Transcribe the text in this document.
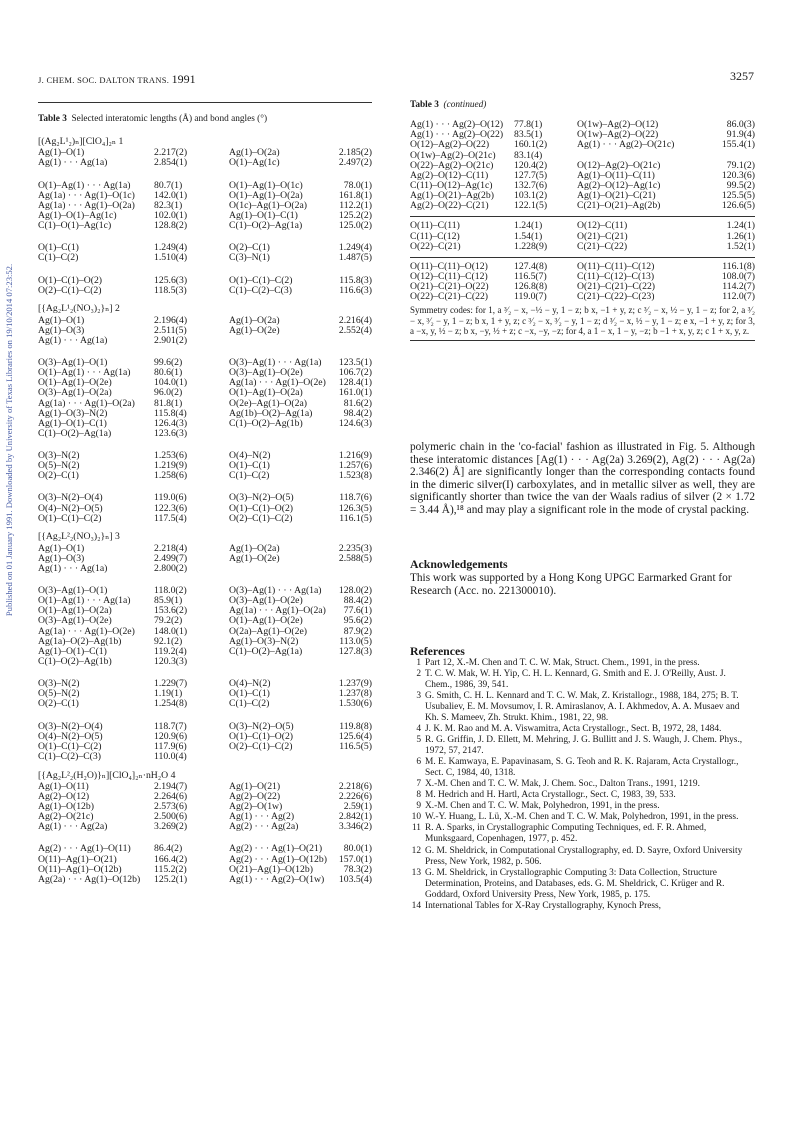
J. CHEM. SOC. DALTON TRANS. 1991	3257
Published on 01 January 1991. Downloaded by University of Texas Libraries on 19/10/2014 07:23:52.
Table 3 Selected interatomic lengths (Å) and bond angles (°)
[(Ag₂L¹₂)ₙ][ClO₄]₂ₙ 1
Ag(1)–O(1)	2.217(2)	Ag(1)–O(2a)	2.185(2)
Ag(1) · · · Ag(1a)	2.854(1)	O(1)–Ag(1c)	2.497(2)
O(1)–Ag(1) · · · Ag(1a)	80.7(1)	O(1)–Ag(1)–O(1c)	78.0(1)
Ag(1a) · · · Ag(1)–O(1c)	142.0(1)	O(1)–Ag(1)–O(2a)	161.8(1)
Ag(1a) · · · Ag(1)–O(2a)	82.3(1)	O(1c)–Ag(1)–O(2a)	112.2(1)
Ag(1)–O(1)–Ag(1c)	102.0(1)	Ag(1)–O(1)–C(1)	125.2(2)
C(1)–O(1)–Ag(1c)	128.8(2)	C(1)–O(2)–Ag(1a)	125.0(2)
O(1)–C(1)	1.249(4)	O(2)–C(1)	1.249(4)
C(1)–C(2)	1.510(4)	C(3)–N(1)	1.487(5)
O(1)–C(1)–O(2)	125.6(3)	O(1)–C(1)–C(2)	115.8(3)
O(2)–C(1)–C(2)	118.5(3)	C(1)–C(2)–C(3)	116.6(3)
[{Ag₂L¹₂(NO₃)₂}ₙ] 2
Ag(1)–O(1)	2.196(4)	Ag(1)–O(2a)	2.216(4)
Ag(1)–O(3)	2.511(5)	Ag(1)–O(2e)	2.552(4)
Ag(1) · · · Ag(1a)	2.901(2)
O(3)–Ag(1)–O(1)	99.6(2)	O(3)–Ag(1) · · · Ag(1a)	123.5(1)
O(1)–Ag(1) · · · Ag(1a)	80.6(1)	O(3)–Ag(1)–O(2e)	106.7(2)
O(1)–Ag(1)–O(2e)	104.0(1)	Ag(1a) · · · Ag(1)–O(2e)	128.4(1)
O(3)–Ag(1)–O(2a)	96.0(2)	O(1)–Ag(1)–O(2a)	161.0(1)
Ag(1a) · · · Ag(1)–O(2a)	81.8(1)	O(2e)–Ag(1)–O(2a)	81.6(2)
Ag(1)–O(3)–N(2)	115.8(4)	Ag(1b)–O(2)–Ag(1a)	98.4(2)
Ag(1)–O(1)–C(1)	126.4(3)	C(1)–O(2)–Ag(1b)	124.6(3)
C(1)–O(2)–Ag(1a)	123.6(3)
O(3)–N(2)	1.253(6)	O(4)–N(2)	1.216(9)
O(5)–N(2)	1.219(9)	O(1)–C(1)	1.257(6)
O(2)–C(1)	1.258(6)	C(1)–C(2)	1.523(8)
O(3)–N(2)–O(4)	119.0(6)	O(3)–N(2)–O(5)	118.7(6)
O(4)–N(2)–O(5)	122.3(6)	O(1)–C(1)–O(2)	126.3(5)
O(1)–C(1)–C(2)	117.5(4)	O(2)–C(1)–C(2)	116.1(5)
[{Ag₂L²₂(NO₃)₂}ₙ] 3
Ag(1)–O(1)	2.218(4)	Ag(1)–O(2a)	2.235(3)
Ag(1)–O(3)	2.499(7)	Ag(1)–O(2e)	2.588(5)
Ag(1) · · · Ag(1a)	2.800(2)
O(3)–Ag(1)–O(1)	118.0(2)	O(3)–Ag(1) · · · Ag(1a)	128.0(2)
O(1)–Ag(1) · · · Ag(1a)	85.9(1)	O(3)–Ag(1)–O(2e)	88.4(2)
O(1)–Ag(1)–O(2a)	153.6(2)	Ag(1a) · · · Ag(1)–O(2a)	77.6(1)
O(3)–Ag(1)–O(2e)	79.2(2)	O(1)–Ag(1)–O(2e)	95.6(2)
Ag(1a) · · · Ag(1)–O(2e)	148.0(1)	O(2a)–Ag(1)–O(2e)	87.9(2)
Ag(1a)–O(2)–Ag(1b)	92.1(2)	Ag(1)–O(3)–N(2)	113.0(5)
Ag(1)–O(1)–C(1)	119.2(4)	C(1)–O(2)–Ag(1a)	127.8(3)
C(1)–O(2)–Ag(1b)	120.3(3)
O(3)–N(2)	1.229(7)	O(4)–N(2)	1.237(9)
O(5)–N(2)	1.19(1)	O(1)–C(1)	1.237(8)
O(2)–C(1)	1.254(8)	C(1)–C(2)	1.530(6)
O(3)–N(2)–O(4)	118.7(7)	O(3)–N(2)–O(5)	119.8(8)
O(4)–N(2)–O(5)	120.9(6)	O(1)–C(1)–O(2)	125.6(4)
O(1)–C(1)–C(2)	117.9(6)	O(2)–C(1)–C(2)	116.5(5)
C(1)–C(2)–C(3)	110.0(4)
[{Ag₂L²₂(H₂O)}ₙ][ClO₄]₂ₙ·nH₂O 4
Ag(1)–O(11)	2.194(7)	Ag(1)–O(21)	2.218(6)
Ag(2)–O(12)	2.264(6)	Ag(2)–O(22)	2.226(6)
Ag(1)–O(12b)	2.573(6)	Ag(2)–O(1w)	2.59(1)
Ag(2)–O(21c)	2.500(6)	Ag(1) · · · Ag(2)	2.842(1)
Ag(1) · · · Ag(2a)	3.269(2)	Ag(2) · · · Ag(2a)	3.346(2)
Ag(2) · · · Ag(1)–O(11)	86.4(2)	Ag(2) · · · Ag(1)–O(21)	80.0(1)
O(11)–Ag(1)–O(21)	166.4(2)	Ag(2) · · · Ag(1)–O(12b)	157.0(1)
O(11)–Ag(1)–O(12b)	115.2(2)	O(21)–Ag(1)–O(12b)	78.3(2)
Ag(2a) · · · Ag(1)–O(12b)	125.2(1)	Ag(1) · · · Ag(2)–O(1w)	103.5(4)
Table 3 (continued)
Ag(1) · · · Ag(2)–O(12)	77.8(1)	O(1w)–Ag(2)–O(12)	86.0(3)
Ag(1) · · · Ag(2)–O(22)	83.5(1)	O(1w)–Ag(2)–O(22)	91.9(4)
O(12)–Ag(2)–O(22)	160.1(2)	Ag(1) · · · Ag(2)–O(21c)	155.4(1)
O(1w)–Ag(2)–O(21c)	83.1(4)
O(22)–Ag(2)–O(21c)	120.4(2)	O(12)–Ag(2)–O(21c)	79.1(2)
Ag(2)–O(12)–C(11)	127.7(5)	Ag(1)–O(11)–C(11)	120.3(6)
C(11)–O(12)–Ag(1c)	132.7(6)	Ag(2)–O(12)–Ag(1c)	99.5(2)
Ag(1)–O(21)–Ag(2b)	103.1(2)	Ag(1)–O(21)–C(21)	125.5(5)
Ag(2)–O(22)–C(21)	122.1(5)	C(21)–O(21)–Ag(2b)	126.6(5)
O(11)–C(11)	1.24(1)	O(12)–C(11)	1.24(1)
C(11)–C(12)	1.54(1)	O(21)–C(21)	1.26(1)
O(22)–C(21)	1.228(9)	C(21)–C(22)	1.52(1)
O(11)–C(11)–O(12)	127.4(8)	O(11)–C(11)–C(12)	116.1(8)
O(12)–C(11)–C(12)	116.5(7)	C(11)–C(12)–C(13)	108.0(7)
O(21)–C(21)–O(22)	126.8(8)	O(21)–C(21)–C(22)	114.2(7)
O(22)–C(21)–C(22)	119.0(7)	C(21)–C(22)–C(23)	112.0(7)
Symmetry codes: for 1, a ³⁄₂ − x, −½ − y, 1 − z; b x, −1 + y, z; c ³⁄₂ − x, ½ − y, 1 − z; for 2, a ³⁄₂ − x, ³⁄₂ − y, 1 − z; b x, 1 + y, z; c ³⁄₂ − x, ³⁄₂ − y, 1 − z; d ³⁄₂ − x, ½ − y, 1 − z; e x, −1 + y, z; for 3, a −x, y, ½ − z; b x, −y, ½ + z; c −x, −y, −z; for 4, a 1 − x, 1 − y, −z; b −1 + x, y, z; c 1 + x, y, z.
polymeric chain in the 'co-facial' fashion as illustrated in Fig. 5. Although these interatomic distances [Ag(1) · · · Ag(2a) 3.269(2), Ag(2) · · · Ag(2a) 2.346(2) Å] are significantly longer than the corresponding contacts found in the dimeric silver(I) carboxylates, and in metallic silver as well, they are significantly shorter than twice the van der Waals radius of silver (2 × 1.72 = 3.44 Å),¹⁸ and may play a significant role in the mode of crystal packing.
Acknowledgements
This work was supported by a Hong Kong UPGC Earmarked Grant for Research (Acc. no. 221300010).
References
1 Part 12, X.-M. Chen and T. C. W. Mak, Struct. Chem., 1991, in the press.
2 T. C. W. Mak, W. H. Yip, C. H. L. Kennard, G. Smith and E. J. O'Reilly, Aust. J. Chem., 1986, 39, 541.
3 G. Smith, C. H. L. Kennard and T. C. W. Mak, Z. Kristallogr., 1988, 184, 275; B. T. Usubaliev, E. M. Movsumov, I. R. Amiraslanov, A. I. Akhmedov, A. A. Musaev and Kh. S. Mameev, Zh. Strukt. Khim., 1981, 22, 98.
4 J. K. M. Rao and M. A. Viswamitra, Acta Crystallogr., Sect. B, 1972, 28, 1484.
5 R. G. Griffin, J. D. Ellett, M. Mehring, J. G. Bullitt and J. S. Waugh, J. Chem. Phys., 1972, 57, 2147.
6 M. E. Kamwaya, E. Papavinasam, S. G. Teoh and R. K. Rajaram, Acta Crystallogr., Sect. C, 1984, 40, 1318.
7 X.-M. Chen and T. C. W. Mak, J. Chem. Soc., Dalton Trans., 1991, 1219.
8 M. Hedrich and H. Hartl, Acta Crystallogr., Sect. C, 1983, 39, 533.
9 X.-M. Chen and T. C. W. Mak, Polyhedron, 1991, in the press.
10 W.-Y. Huang, L. Lü, X.-M. Chen and T. C. W. Mak, Polyhedron, 1991, in the press.
11 R. A. Sparks, in Crystallographic Computing Techniques, ed. F. R. Ahmed, Munksgaard, Copenhagen, 1977, p. 452.
12 G. M. Sheldrick, in Computational Crystallography, ed. D. Sayre, Oxford University Press, New York, 1982, p. 506.
13 G. M. Sheldrick, in Crystallographic Computing 3: Data Collection, Structure Determination, Proteins, and Databases, eds. G. M. Sheldrick, C. Krüger and R. Goddard, Oxford University Press, New York, 1985, p. 175.
14 International Tables for X-Ray Crystallography, Kynoch Press,
